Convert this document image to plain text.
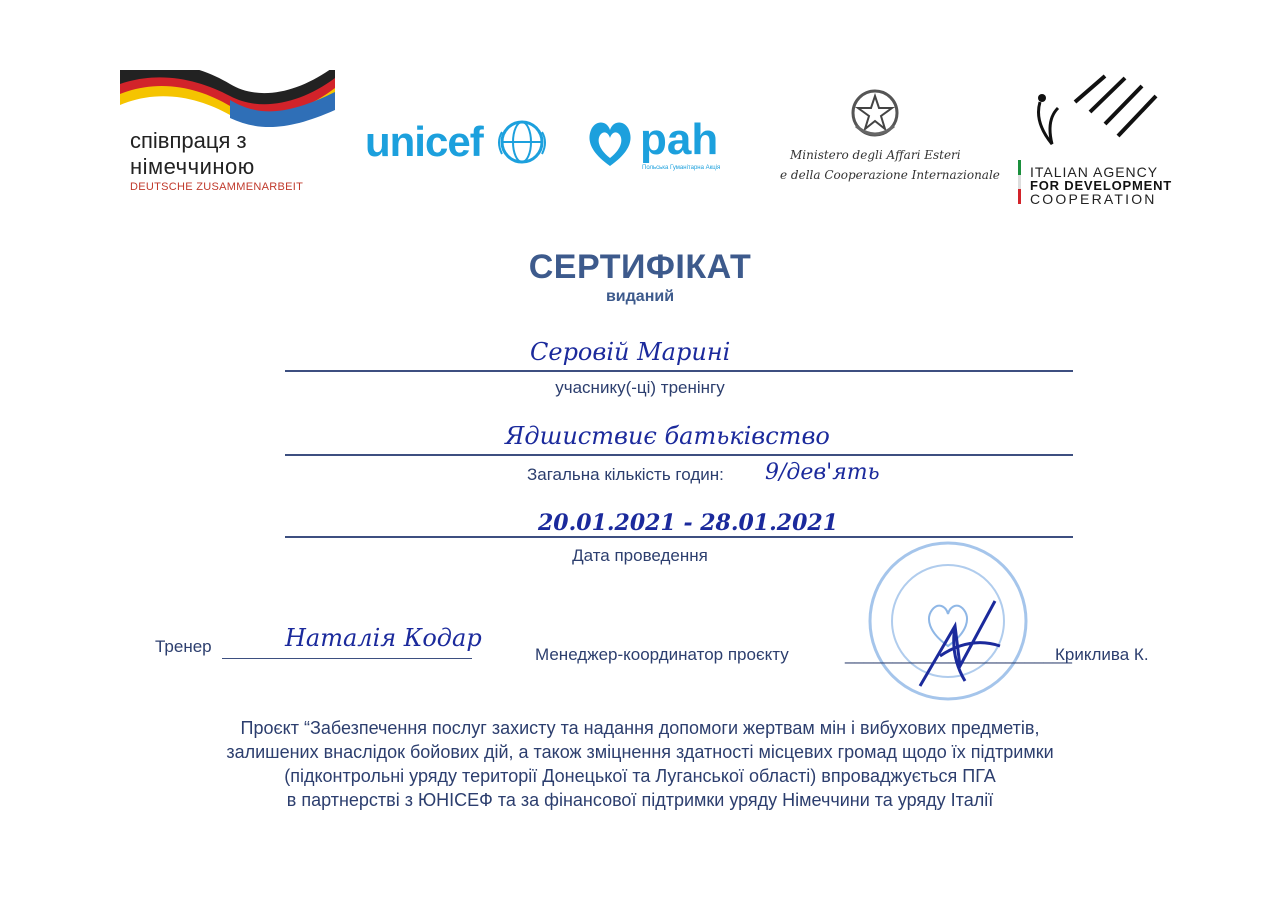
співпраця з
німеччиною
DEUTSCHE ZUSAMMENARBEIT
unicef	pah
Польська Гуманітарна Акція
Ministero degli Affari Esteri
e della Cooperazione Internazionale ITALIAN AGENCY
FOR DEVELOPMENT
COOPERATION
СЕРТИФІКАТ
виданий
Серовій Марині
учаснику(-ці) тренінгу
Ядшиствиє батьківство
Загальна кількість годин: 9/дев'ять
20.01.2021 - 28.01.2021
Дата проведення
Тренер	Наталія Кодар
Менеджер-координатор проєкту	________________________
Криклива К.
Проєкт “Забезпечення послуг захисту та надання допомоги жертвам мін і вибухових предметів,
залишених внаслідок бойових дій, а також зміцнення здатності місцевих громад щодо їх підтримки
(підконтрольні уряду території Донецької та Луганської області) впроваджується ПГА
в партнерстві з ЮНІСЕФ та за фінансової підтримки уряду Німеччини та уряду Італії
